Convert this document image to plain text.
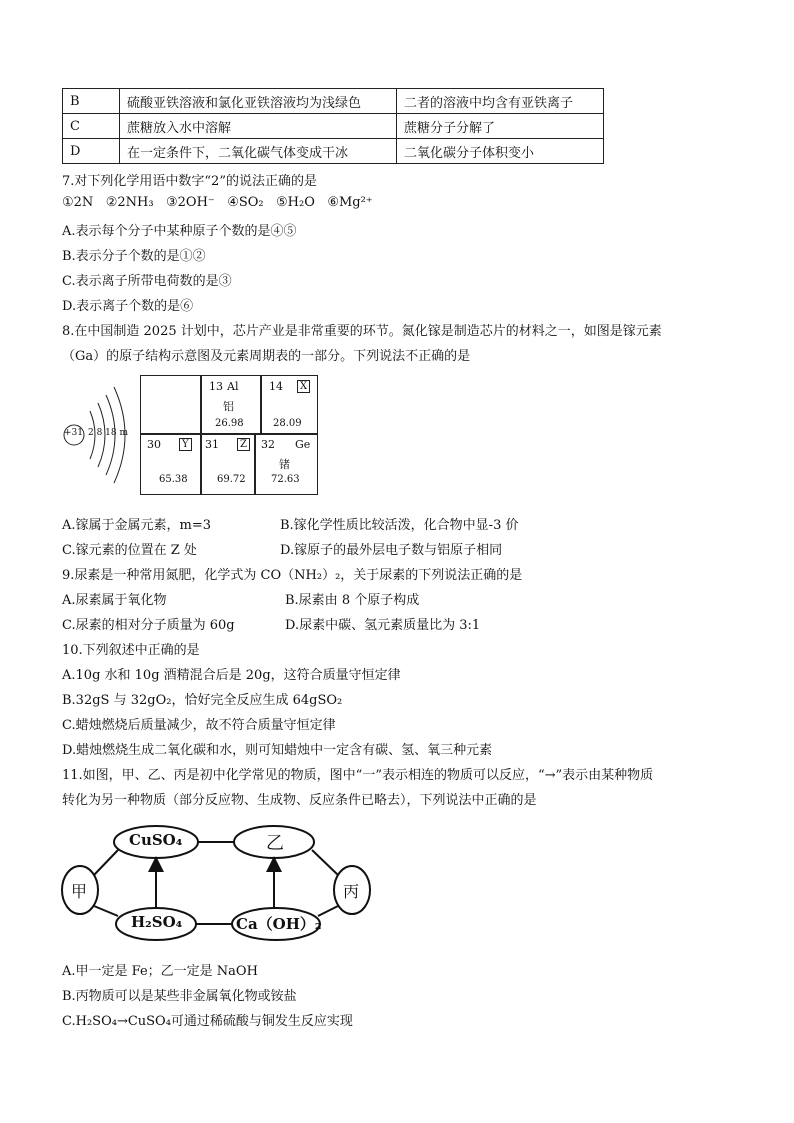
B	硫酸亚铁溶液和氯化亚铁溶液均为浅绿色	二者的溶液中均含有亚铁离子
C	蔗糖放入水中溶解	蔗糖分子分解了
D	在一定条件下，二氧化碳气体变成干冰	二氧化碳分子体积变小
7.对下列化学用语中数字“2”的说法正确的是
①2N ②2NH₃ ③2OH⁻ ④SO₂ ⑤H₂O ⑥Mg²⁺
A.表示每个分子中某种原子个数的是④⑤
B.表示分子个数的是①②
C.表示离子所带电荷数的是③
D.表示离子个数的是⑥
8.在中国制造 2025 计划中，芯片产业是非常重要的环节。氮化镓是制造芯片的材料之一，如图是镓元素
（Ga）的原子结构示意图及元素周期表的一部分。下列说法不正确的是
+31 2 8 18 m
13 Al
铝
26.98
14	X
28.09
30	Y
65.38
31	Z
69.72
32 Ge
锗
72.63
A.镓属于金属元素，m=3	B.镓化学性质比较活泼，化合物中显-3 价
C.镓元素的位置在 Z 处	D.镓原子的最外层电子数与铝原子相同
9.尿素是一种常用氮肥，化学式为 CO（NH₂）₂，关于尿素的下列说法正确的是
A.尿素属于氧化物	B.尿素由 8 个原子构成
C.尿素的相对分子质量为 60g	D.尿素中碳、氢元素质量比为 3:1
10.下列叙述中正确的是
A.10g 水和 10g 酒精混合后是 20g，这符合质量守恒定律
B.32gS 与 32gO₂，恰好完全反应生成 64gSO₂
C.蜡烛燃烧后质量减少，故不符合质量守恒定律
D.蜡烛燃烧生成二氧化碳和水，则可知蜡烛中一定含有碳、氢、氧三种元素
11.如图，甲、乙、丙是初中化学常见的物质，图中“一”表示相连的物质可以反应，“→”表示由某种物质
转化为另一种物质（部分反应物、生成物、反应条件已略去），下列说法中正确的是
CuSO₄	乙
甲	丙
H₂SO₄	Ca（OH）₂
A.甲一定是 Fe；乙一定是 NaOH
B.丙物质可以是某些非金属氧化物或铵盐
C.H₂SO₄→CuSO₄可通过稀硫酸与铜发生反应实现
